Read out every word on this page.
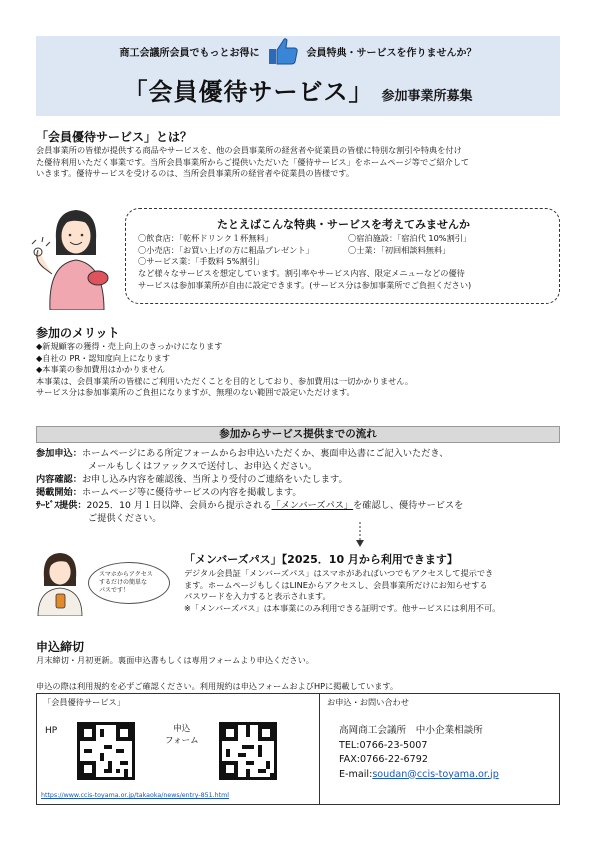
商工会議所会員でもっとお得に	会員特典・サービスを作りませんか？
「会員優待サービス」 参加事業所募集
「会員優待サービス」とは？
会員事業所の皆様が提供する商品やサービスを、他の会員事業所の経営者や従業員の皆様に特別な割引や特典を付け
た優待利用いただく事業です。当所会員事業所からご提供いただいた「優待サービス」をホームページ等でご紹介して
いきます。優待サービスを受けるのは、当所会員事業所の経営者や従業員の皆様です。
たとえばこんな特典・サービスを考えてみませんか
〇飲食店：「乾杯ドリンク１杯無料」
〇小売店：「お買い上げの方に粗品プレゼント」
〇サービス業：「手数料 5%割引」
〇宿泊施設：「宿泊代 10%割引」
〇士業：「初回相談料無料」
など様々なサービスを想定しています。割引率やサービス内容、限定メニューなどの優待
サービスは参加事業所が自由に設定できます。(サービス分は参加事業所でご負担ください)
参加のメリット
◆新規顧客の獲得・売上向上のきっかけになります
◆自社の PR・認知度向上になります
◆本事業の参加費用はかかりません
本事業は、会員事業所の皆様にご利用いただくことを目的としており、参加費用は一切かかりません。
サービス分は参加事業所のご負担になりますが、無理のない範囲で設定いただけます。
参加からサービス提供までの流れ
参加申込：ホームページにある所定フォームからお申込いただくか、裏面申込書にご記入いただき、
メールもしくはファックスで送付し、お申込ください。
内容確認：お申し込み内容を確認後、当所より受付のご連絡をいたします。
掲載開始：ホームページ等に優待サービスの内容を掲載します。
ｻｰﾋﾞｽ提供：2025．10 月１日以降、会員から提示される「メンバーズパス」を確認し、優待サービスを
ご提供ください。
スマホからアクセス
するだけの簡単な
パスです！
「メンバーズパス」【2025．10 月から利用できます】
デジタル会員証「メンバーズパス」はスマホがあればいつでもアクセスして提示でき
ます。ホームページもしくはLINEからアクセスし、会員事業所だけにお知らせする
パスワードを入力すると表示されます。
※「メンバーズパス」は本事業にのみ利用できる証明です。他サービスには利用不可。
申込締切
月末締切・月初更新。裏面申込書もしくは専用フォームより申込ください。
申込の際は利用規約を必ずご確認ください。利用規約は申込フォームおよびHPに掲載しています。
「会員優待サービス」
HP	申込
フォーム
https://www.ccis-toyama.or.jp/takaoka/news/entry-851.html
お申込・お問い合わせ
高岡商工会議所　中小企業相談所
TEL:0766-23-5007
FAX:0766-22-6792
E-mail:soudan@ccis-toyama.or.jp
